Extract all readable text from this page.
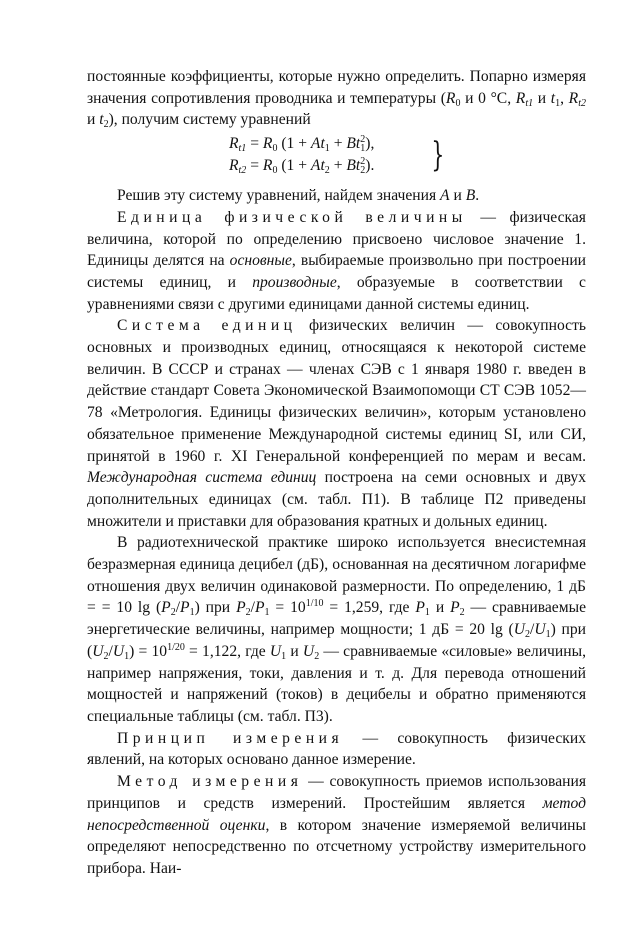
постоянные коэффициенты, которые нужно определить. Попарно измеряя значения сопротивления проводника и температуры ($R_0$ и 0 °C, $R_{t1}$ и $t_1$, $R_{t2}$ и $t_2$), получим систему уравнений

$R_{t1} = R_0$ $(1 + At_1 + Bt^2_1)$,
$R_{t2} = R_0$ $(1 + At_2 + Bt^2_2)$. }

Решив эту систему уравнений, найдем значения A и B.

Единица физической величины — физическая величина, которой по определению присвоено числовое значение 1. Единицы делятся на основные, выбираемые произвольно при построении системы единиц, и производные, образуемые в соответствии с уравнениями связи с другими единицами данной системы единиц.

Система единиц физических величин — совокупность основных и производных единиц, относящаяся к некоторой системе величин. В СССР и странах — членах СЭВ с 1 января 1980 г. введен в действие стандарт Совета Экономической Взаимопомощи СТ СЭВ 1052—78 «Метрология. Единицы физических величин», которым установлено обязательное применение Международной системы единиц SI, или СИ, принятой в 1960 г. XI Генеральной конференцией по мерам и весам. Международная система единиц построена на семи основных и двух дополнительных единицах (см. табл. П1). В таблице П2 приведены множители и приставки для образования кратных и дольных единиц.

В радиотехнической практике широко используется внесистемная безразмерная единица децибел (дБ), основанная на десятичном логарифме отношения двух величин одинаковой размерности. По определению, 1 дБ = = 10 $\lg (P_2/P_1)$ при $P_2/P_1 = 10^{1/10} = 1,259$, где $P_1$ и $P_2$ — сравниваемые энергетические величины, например мощности; 1 дБ = 20 $\lg (U_2/U_1)$ при $(U_2/U_1) = 10^{1/20} = 1,122$, где $U_1$ и $U_2$ — сравниваемые «силовые» величины, например напряжения, токи, давления и т. д. Для перевода отношений мощностей и напряжений (токов) в децибелы и обратно применяются специальные таблицы (см. табл. П3).

Принцип измерения — совокупность физических явлений, на которых основано данное измерение.

Метод измерения — совокупность приемов использования принципов и средств измерений. Простейшим является метод непосредственной оценки, в котором значение измеряемой величины определяют непосредственно по отсчетному устройству измерительного прибора. Наи-
